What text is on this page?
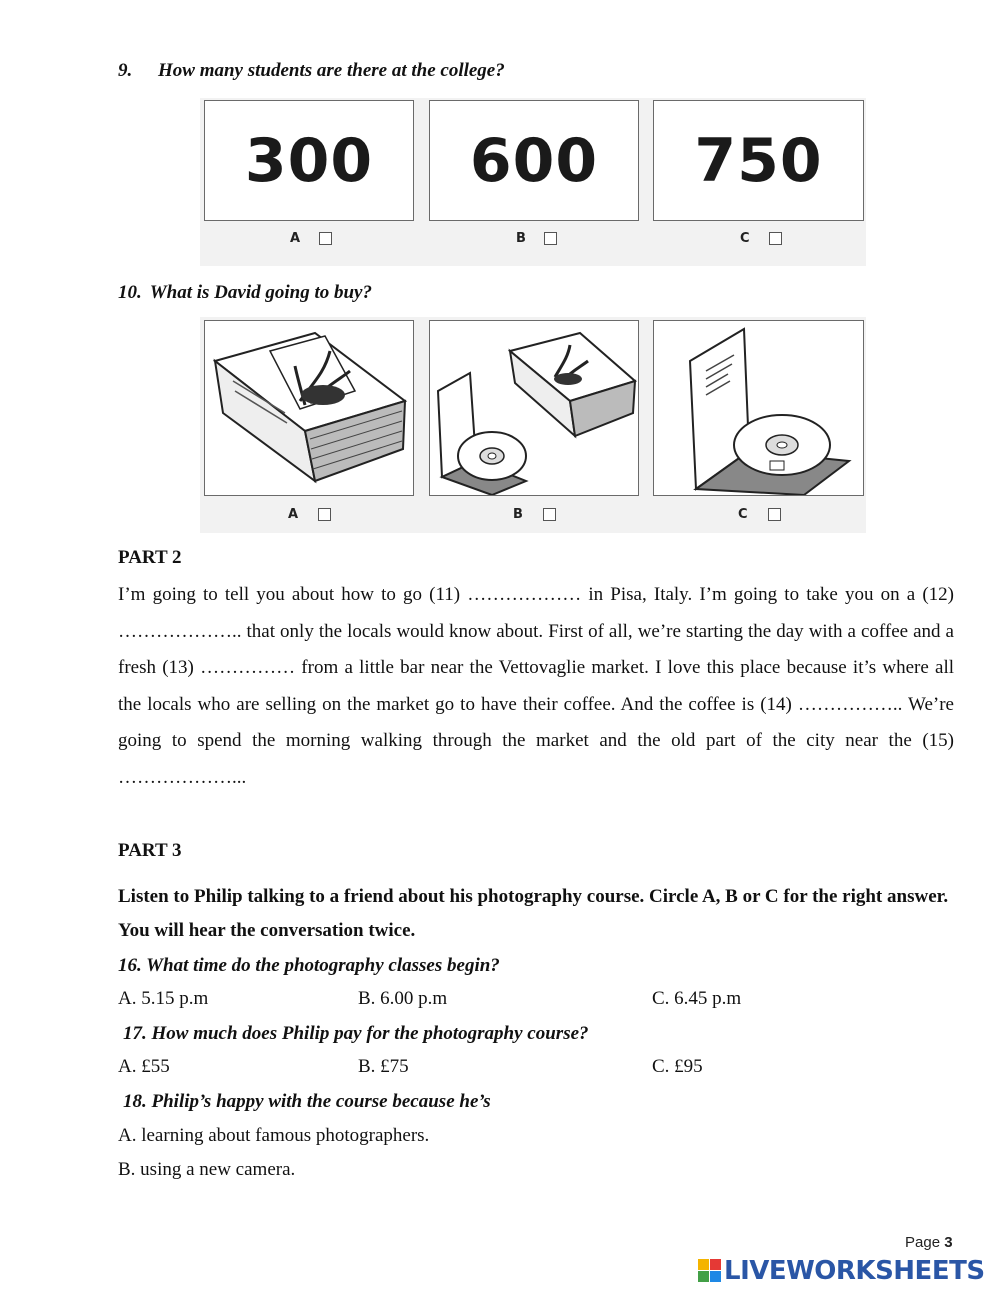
9. How many students are there at the college?
300	600	750
A	B	C
10. What is David going to buy?
A	B	C
PART 2

I’m going to tell you about how to go (11) ……………… in Pisa, Italy. I’m going to take you on a (12) ……………….. that only the locals would know about. First of all, we’re starting the day with a coffee and a fresh (13) …………… from a little bar near the Vettovaglie market. I love this place because it’s where all the locals who are selling on the market go to have their coffee. And the coffee is (14) …………….. We’re going to spend the morning walking through the market and the old part of the city near the (15) ………………...

PART 3

Listen to Philip talking to a friend about his photography course. Circle A, B or C for the right answer. You will hear the conversation twice.

16. What time do the photography classes begin?
A. 5.15 p.m	B. 6.00 p.m	C. 6.45 p.m
17. How much does Philip pay for the photography course?
A. £55	B. £75	C. £95
18. Philip’s happy with the course because he’s
A. learning about famous photographers.
B. using a new camera.
Page 3
LIVEWORKSHEETS
